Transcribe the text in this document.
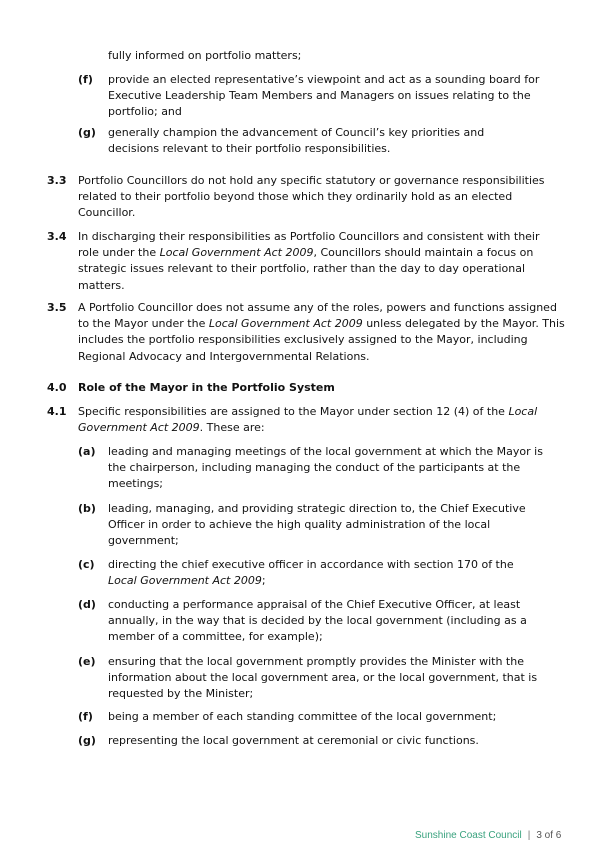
fully informed on portfolio matters;
(f) provide an elected representative’s viewpoint and act as a sounding board for
Executive Leadership Team Members and Managers on issues relating to the
portfolio; and
(g) generally champion the advancement of Council’s key priorities and
decisions relevant to their portfolio responsibilities.
3.3 Portfolio Councillors do not hold any specific statutory or governance responsibilities
related to their portfolio beyond those which they ordinarily hold as an elected
Councillor.
3.4 In discharging their responsibilities as Portfolio Councillors and consistent with their
role under the Local Government Act 2009, Councillors should maintain a focus on
strategic issues relevant to their portfolio, rather than the day to day operational
matters.
3.5 A Portfolio Councillor does not assume any of the roles, powers and functions assigned
to the Mayor under the Local Government Act 2009 unless delegated by the Mayor. This
includes the portfolio responsibilities exclusively assigned to the Mayor, including
Regional Advocacy and Intergovernmental Relations.
4.0 Role of the Mayor in the Portfolio System
4.1 Specific responsibilities are assigned to the Mayor under section 12 (4) of the Local
Government Act 2009. These are:
(a) leading and managing meetings of the local government at which the Mayor is
the chairperson, including managing the conduct of the participants at the
meetings;
(b) leading, managing, and providing strategic direction to, the Chief Executive
Officer in order to achieve the high quality administration of the local
government;
(c) directing the chief executive officer in accordance with section 170 of the
Local Government Act 2009;
(d) conducting a performance appraisal of the Chief Executive Officer, at least
annually, in the way that is decided by the local government (including as a
member of a committee, for example);
(e) ensuring that the local government promptly provides the Minister with the
information about the local government area, or the local government, that is
requested by the Minister;
(f) being a member of each standing committee of the local government;
(g) representing the local government at ceremonial or civic functions.
Sunshine Coast Council | 3 of 6
